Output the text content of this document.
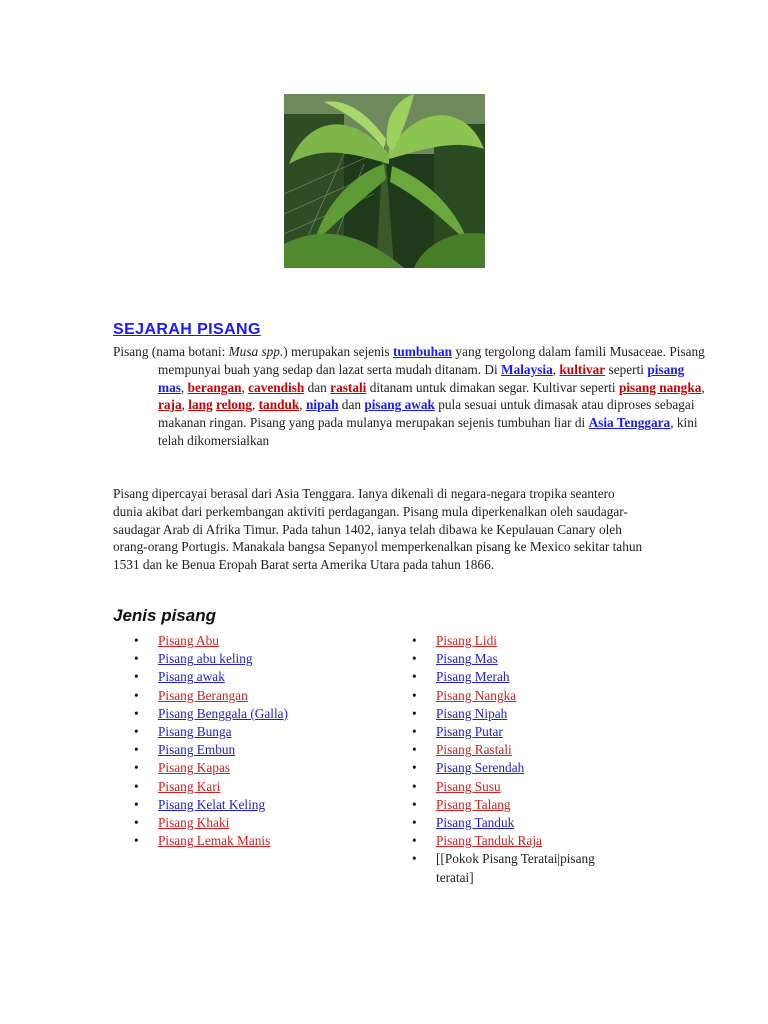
SEJARAH PISANG
Pisang (nama botani: Musa spp.) merupakan sejenis tumbuhan yang tergolong dalam famili Musaceae. Pisang mempunyai buah yang sedap dan lazat serta mudah ditanam. Di Malaysia, kultivar seperti pisang mas, berangan, cavendish dan rastali ditanam untuk dimakan segar. Kultivar seperti pisang nangka, raja, lang relong, tanduk, nipah dan pisang awak pula sesuai untuk dimasak atau diproses sebagai makanan ringan. Pisang yang pada mulanya merupakan sejenis tumbuhan liar di Asia Tenggara, kini telah dikomersialkan
Pisang dipercayai berasal dari Asia Tenggara. Ianya dikenali di negara-negara tropika seantero dunia akibat dari perkembangan aktiviti perdagangan. Pisang mula diperkenalkan oleh saudagar-saudagar Arab di Afrika Timur. Pada tahun 1402, ianya telah dibawa ke Kepulauan Canary oleh orang-orang Portugis. Manakala bangsa Sepanyol memperkenalkan pisang ke Mexico sekitar tahun 1531 dan ke Benua Eropah Barat serta Amerika Utara pada tahun 1866.
Jenis pisang
• Pisang Abu
• Pisang abu keling
• Pisang awak
• Pisang Berangan
• Pisang Benggala (Galla)
• Pisang Bunga
• Pisang Embun
• Pisang Kapas
• Pisang Kari
• Pisang Kelat Keling
• Pisang Khaki
• Pisang Lemak Manis
• Pisang Lidi
• Pisang Mas
• Pisang Merah
• Pisang Nangka
• Pisang Nipah
• Pisang Putar
• Pisang Rastali
• Pisang Serendah
• Pisang Susu
• Pisang Talang
• Pisang Tanduk
• Pisang Tanduk Raja
• [[Pokok Pisang Teratai|pisang teratai]
